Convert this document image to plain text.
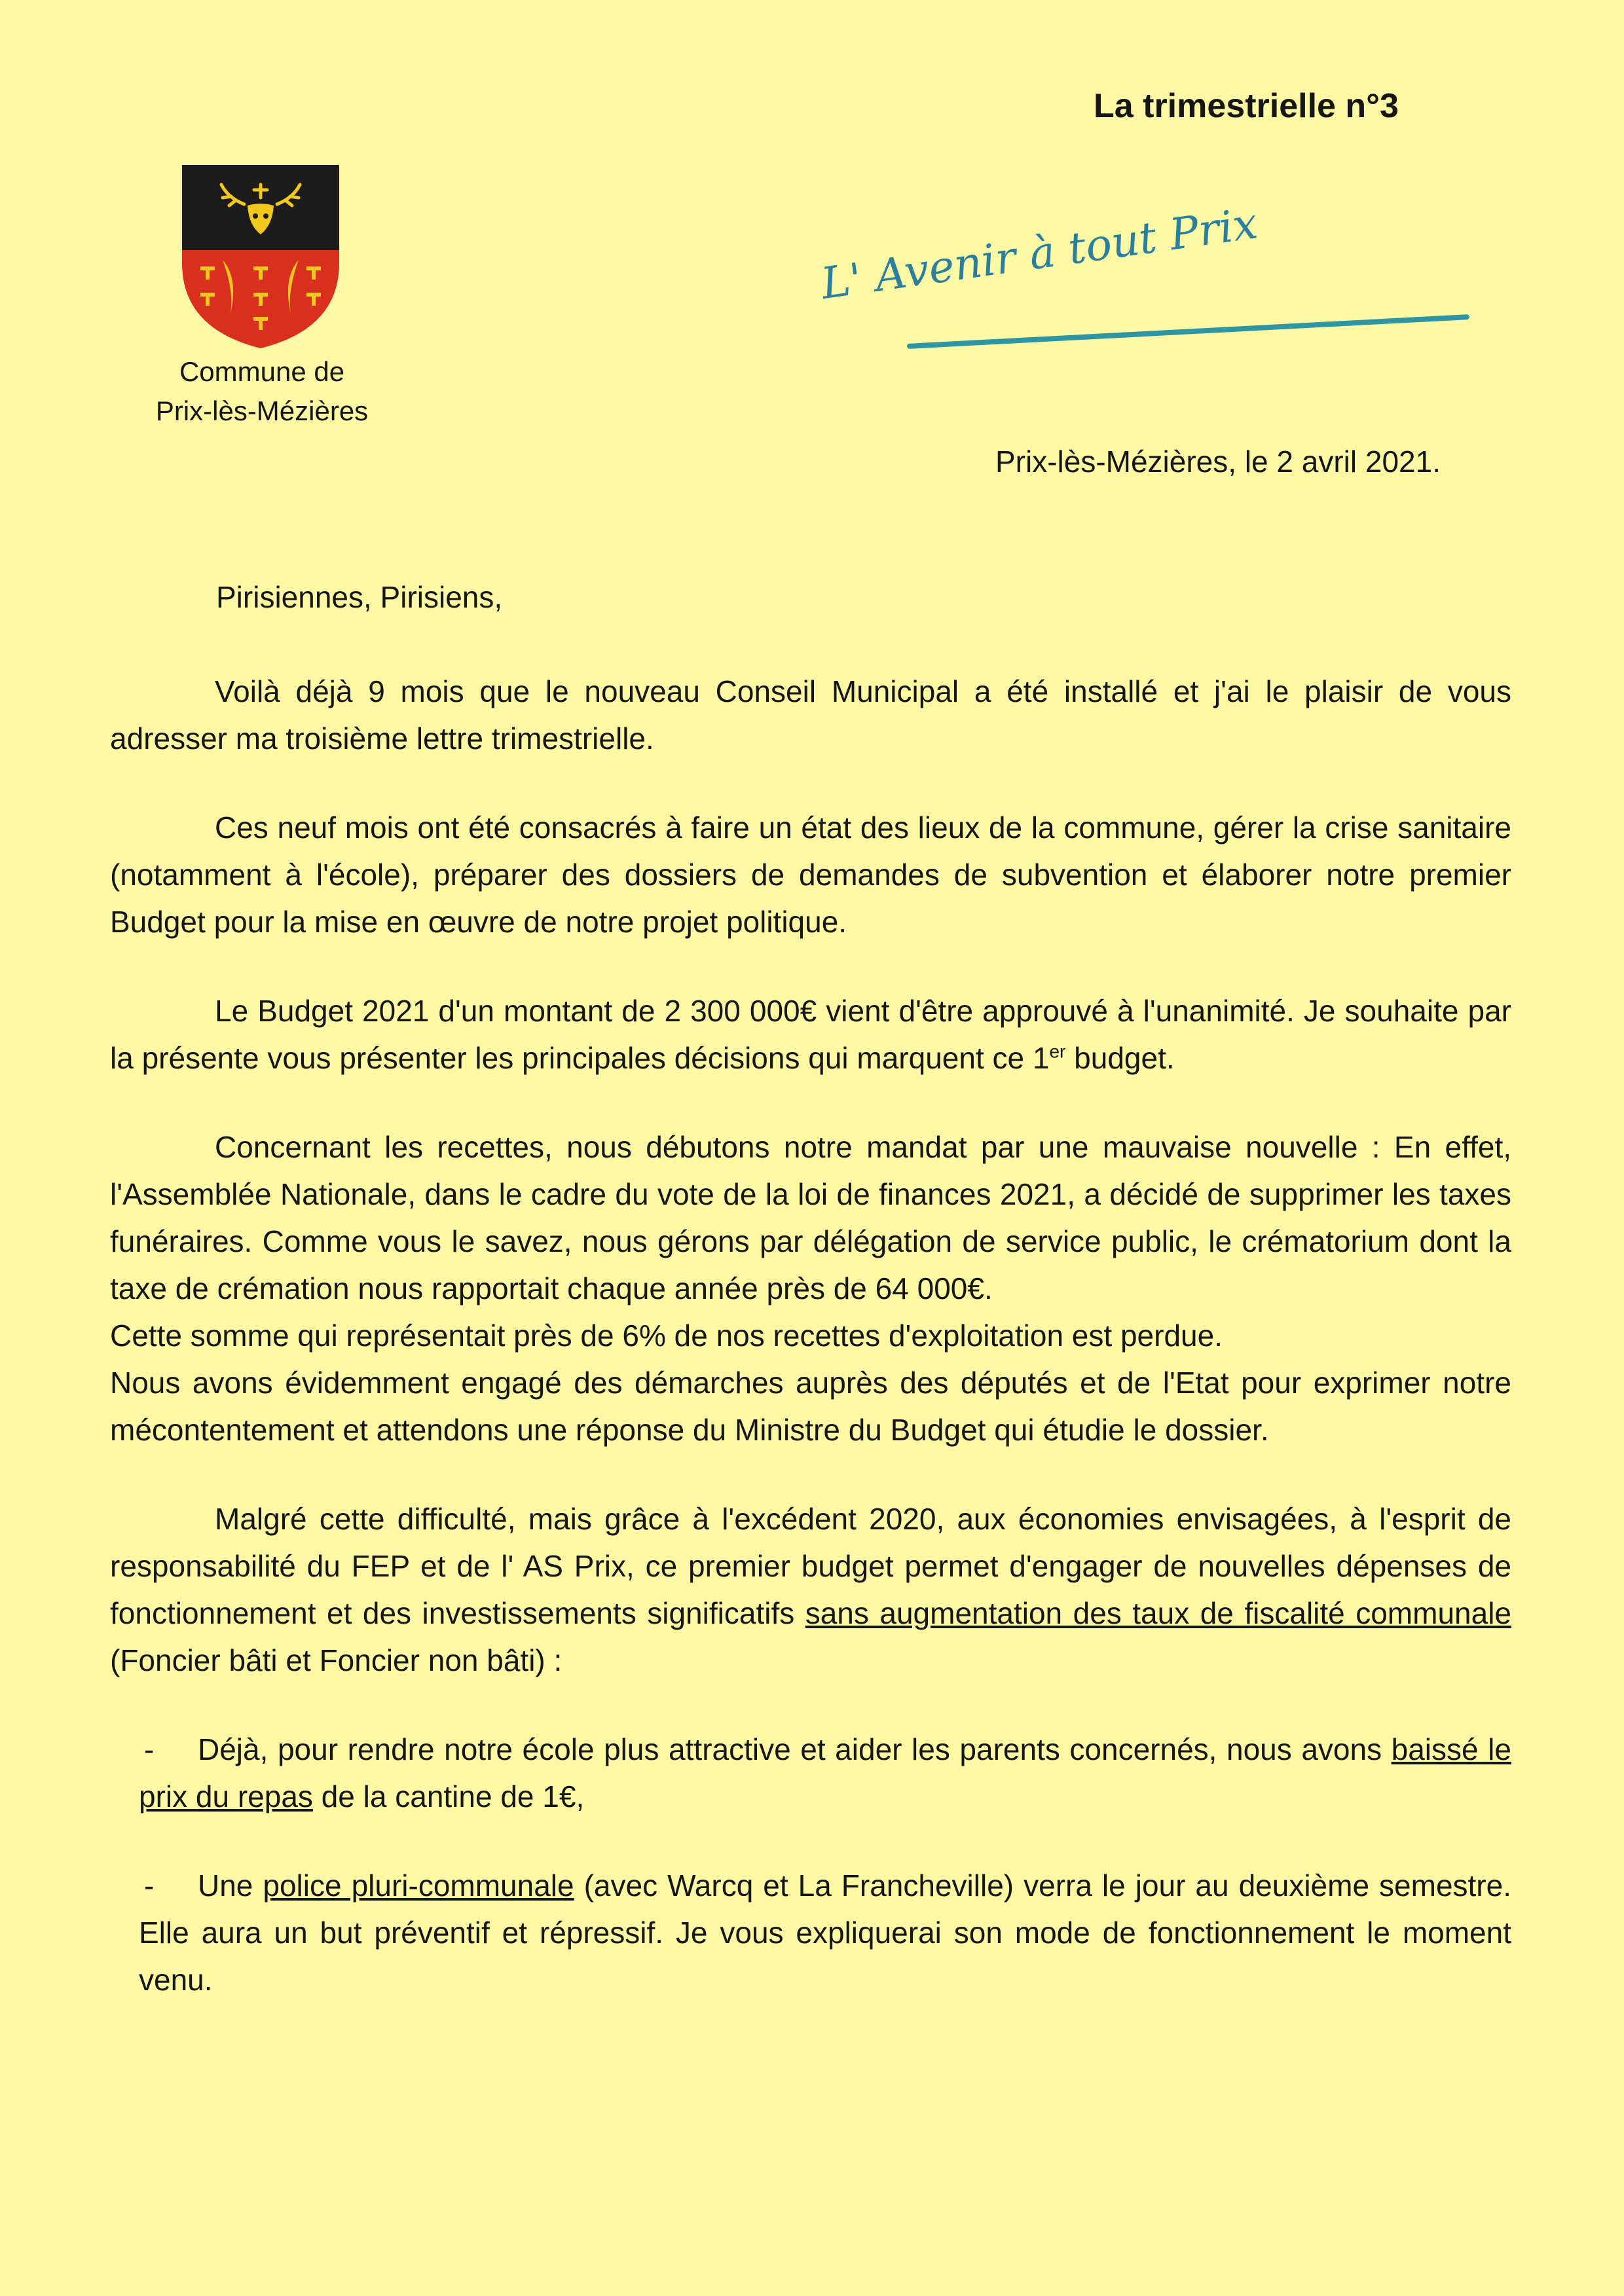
La trimestrielle n°3
Commune de
Prix-lès-Mézières
L' Avenir à tout Prix
Prix-lès-Mézières, le 2 avril 2021.
Pirisiennes, Pirisiens,

Voilà déjà 9 mois que le nouveau Conseil Municipal a été installé et j'ai le plaisir de vous adresser ma troisième lettre trimestrielle.

Ces neuf mois ont été consacrés à faire un état des lieux de la commune, gérer la crise sanitaire (notamment à l'école), préparer des dossiers de demandes de subvention et élaborer notre premier Budget pour la mise en œuvre de notre projet politique.

Le Budget 2021 d'un montant de 2 300 000€ vient d'être approuvé à l'unanimité. Je souhaite par la présente vous présenter les principales décisions qui marquent ce 1er budget.

Concernant les recettes, nous débutons notre mandat par une mauvaise nouvelle : En effet, l'Assemblée Nationale, dans le cadre du vote de la loi de finances 2021, a décidé de supprimer les taxes funéraires. Comme vous le savez, nous gérons par délégation de service public, le crématorium dont la taxe de crémation nous rapportait chaque année près de 64 000€.

Cette somme qui représentait près de 6% de nos recettes d'exploitation est perdue.

Nous avons évidemment engagé des démarches auprès des députés et de l'Etat pour exprimer notre mécontentement et attendons une réponse du Ministre du Budget qui étudie le dossier.

Malgré cette difficulté, mais grâce à l'excédent 2020, aux économies envisagées, à l'esprit de responsabilité du FEP et de l' AS Prix, ce premier budget permet d'engager de nouvelles dépenses de fonctionnement et des investissements significatifs sans augmentation des taux de fiscalité communale (Foncier bâti et Foncier non bâti) :

-	Déjà, pour rendre notre école plus attractive et aider les parents concernés, nous avons baissé le prix du repas de la cantine de 1€,
-	Une police pluri-communale (avec Warcq et La Francheville) verra le jour au deuxième semestre. Elle aura un but préventif et répressif. Je vous expliquerai son mode de fonctionnement le moment venu.
